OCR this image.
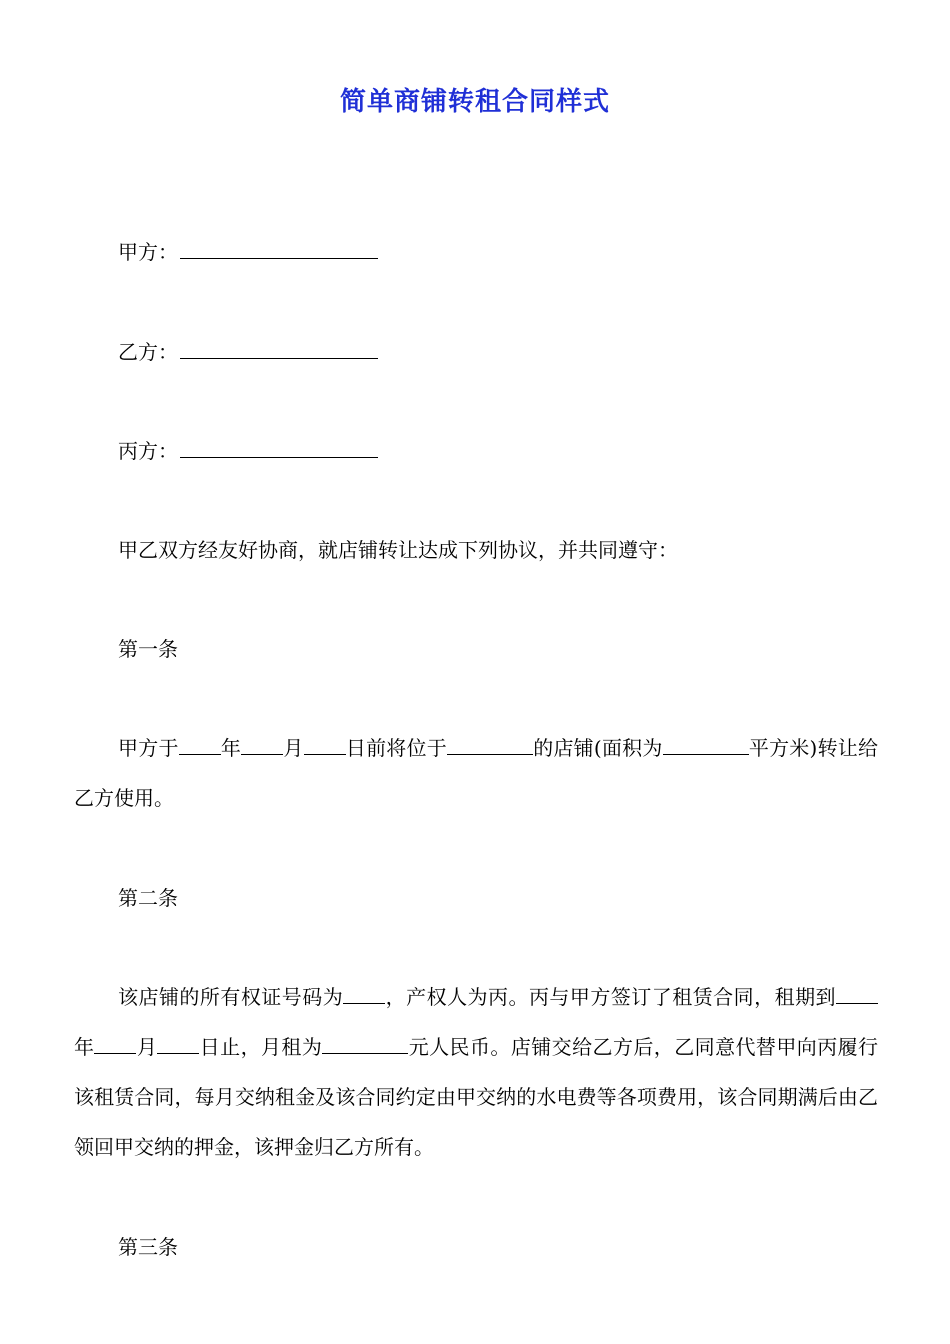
简单商铺转租合同样式
甲方：
乙方：
丙方：
甲乙双方经友好协商，就店铺转让达成下列协议，并共同遵守：
第一条
甲方于 年 月 日前将位于	的店铺(面积为	平方米)转让给乙方使用。
第二条
该店铺的所有权证号码为 ，产权人为丙。丙与甲方签订了租赁合同，租期到年 月 日止，月租为	元人民币。店铺交给乙方后，乙同意代替甲向丙履行该租赁合同，每月交纳租金及该合同约定由甲交纳的水电费等各项费用，该合同期满后由乙领回甲交纳的押金，该押金归乙方所有。
第三条
